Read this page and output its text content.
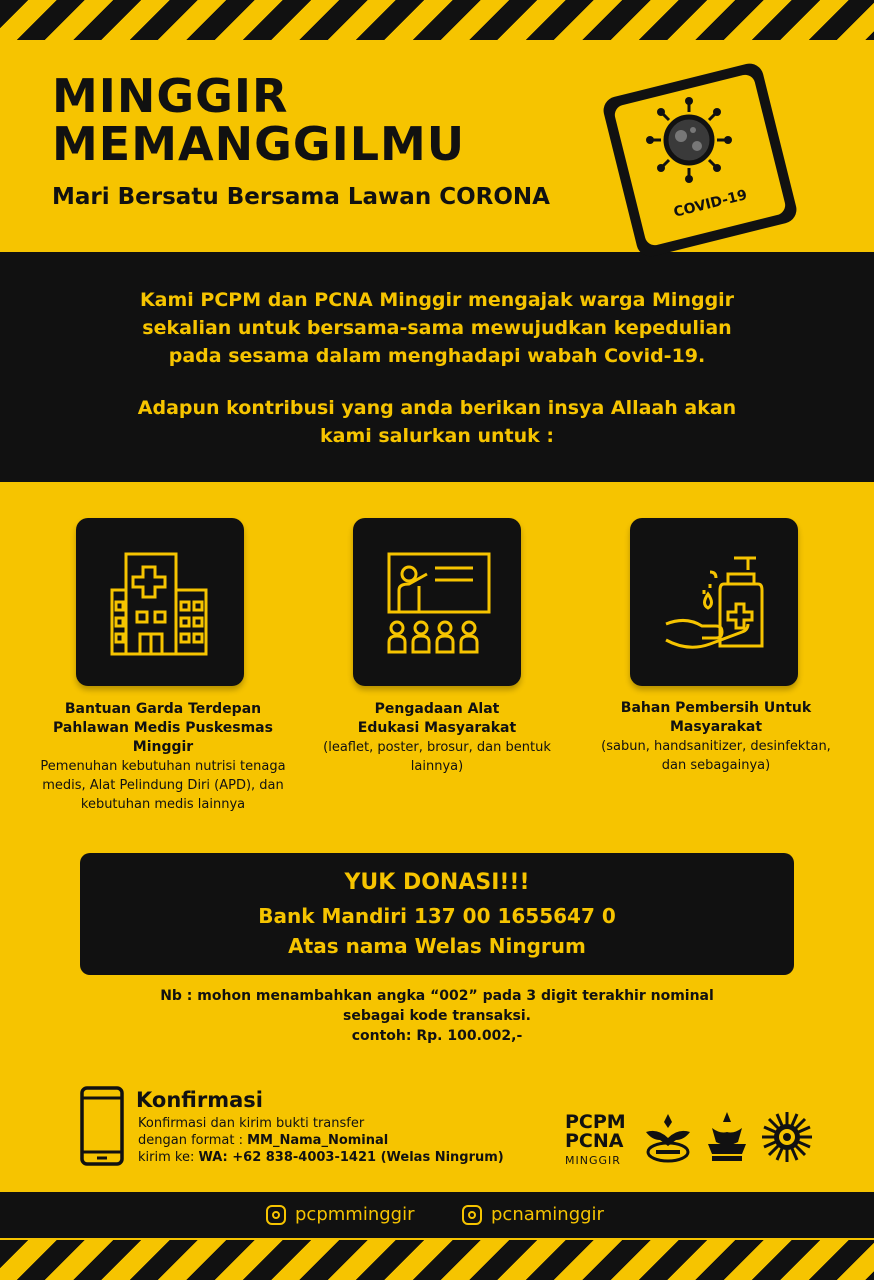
MINGGIR
MEMANGGILMU
Mari Bersatu Bersama Lawan CORONA	COVID-19

Kami PCPM dan PCNA Minggir mengajak warga Minggir

sekalian untuk bersama-sama mewujudkan kepedulian

pada sesama dalam menghadapi wabah Covid-19.

Adapun kontribusi yang anda berikan insya Allaah akan

kami salurkan untuk :

Bantuan Garda Terdepan Pahlawan Medis Puskesmas Minggir
Pemenuhan kebutuhan nutrisi tenaga medis, Alat Pelindung Diri (APD), dan kebutuhan medis lainnya
Pengadaan Alat Edukasi Masyarakat
(leaflet, poster, brosur, dan bentuk lainnya)
Bahan Pembersih Untuk Masyarakat
(sabun, handsanitizer, desinfektan, dan sebagainya)
YUK DONASI!!!
Bank Mandiri 137 00 1655647 0
Atas nama Welas Ningrum
Nb : mohon menambahkan angka “002” pada 3 digit terakhir nominal
sebagai kode transaksi.
contoh: Rp. 100.002,-
Konfirmasi
Konfirmasi dan kirim bukti transfer
dengan format : MM_Nama_Nominal
kirim ke: WA: +62 838-4003-1421 (Welas Ningrum)
PCPM
PCNA
MINGGIR
pcpmminggir	pcnaminggir
